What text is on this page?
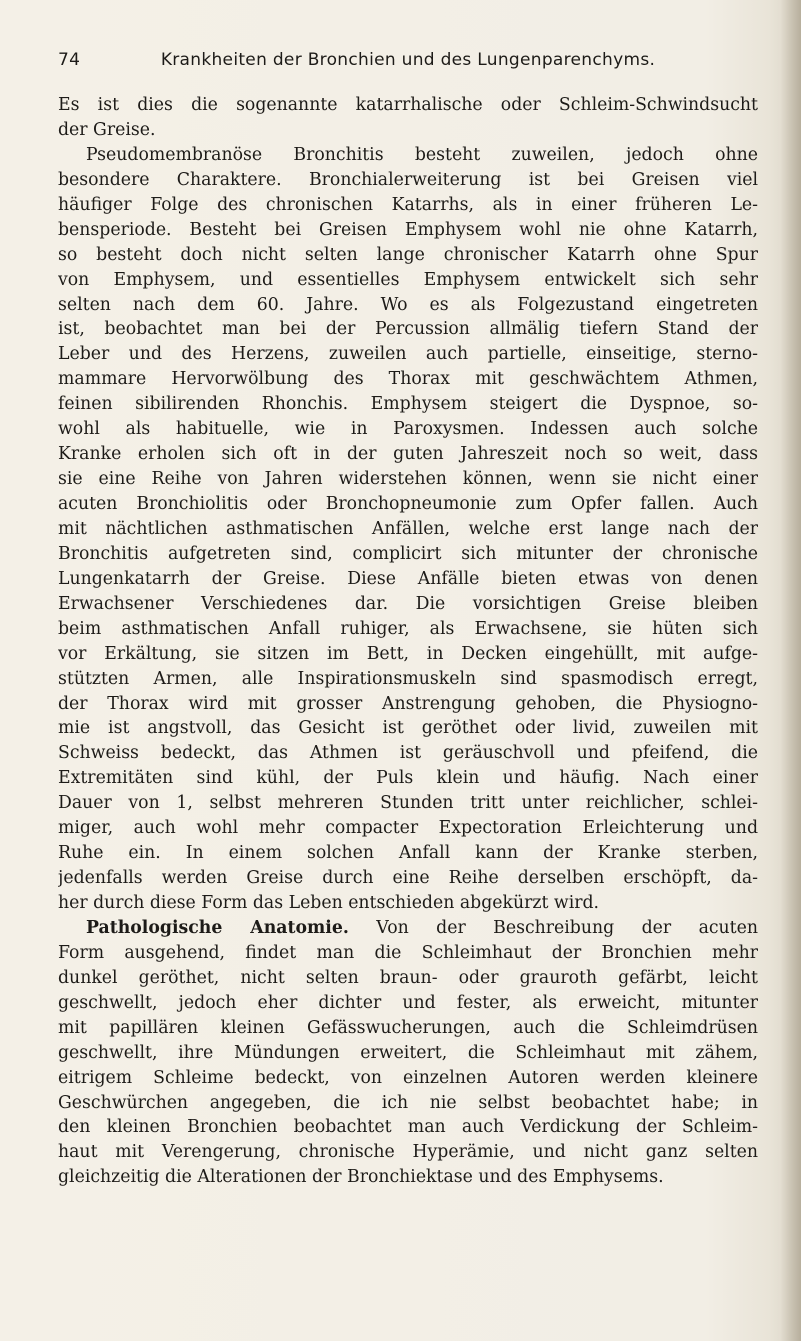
74	Krankheiten der Bronchien und des Lungenparenchyms.
Es ist dies die sogenannte katarrhalische oder Schleim-Schwindsucht
der Greise.
Pseudomembranöse Bronchitis besteht zuweilen, jedoch ohne
besondere Charaktere. Bronchialerweiterung ist bei Greisen viel
häufiger Folge des chronischen Katarrhs, als in einer früheren Le-
bensperiode. Besteht bei Greisen Emphysem wohl nie ohne Katarrh,
so besteht doch nicht selten lange chronischer Katarrh ohne Spur
von Emphysem, und essentielles Emphysem entwickelt sich sehr
selten nach dem 60. Jahre. Wo es als Folgezustand eingetreten
ist, beobachtet man bei der Percussion allmälig tiefern Stand der
Leber und des Herzens, zuweilen auch partielle, einseitige, sterno-
mammare Hervorwölbung des Thorax mit geschwächtem Athmen,
feinen sibilirenden Rhonchis. Emphysem steigert die Dyspnoe, so-
wohl als habituelle, wie in Paroxysmen. Indessen auch solche
Kranke erholen sich oft in der guten Jahreszeit noch so weit, dass
sie eine Reihe von Jahren widerstehen können, wenn sie nicht einer
acuten Bronchiolitis oder Bronchopneumonie zum Opfer fallen. Auch
mit nächtlichen asthmatischen Anfällen, welche erst lange nach der
Bronchitis aufgetreten sind, complicirt sich mitunter der chronische
Lungenkatarrh der Greise. Diese Anfälle bieten etwas von denen
Erwachsener Verschiedenes dar. Die vorsichtigen Greise bleiben
beim asthmatischen Anfall ruhiger, als Erwachsene, sie hüten sich
vor Erkältung, sie sitzen im Bett, in Decken eingehüllt, mit aufge-
stützten Armen, alle Inspirationsmuskeln sind spasmodisch erregt,
der Thorax wird mit grosser Anstrengung gehoben, die Physiogno-
mie ist angstvoll, das Gesicht ist geröthet oder livid, zuweilen mit
Schweiss bedeckt, das Athmen ist geräuschvoll und pfeifend, die
Extremitäten sind kühl, der Puls klein und häufig. Nach einer
Dauer von 1, selbst mehreren Stunden tritt unter reichlicher, schlei-
miger, auch wohl mehr compacter Expectoration Erleichterung und
Ruhe ein. In einem solchen Anfall kann der Kranke sterben,
jedenfalls werden Greise durch eine Reihe derselben erschöpft, da-
her durch diese Form das Leben entschieden abgekürzt wird.
Pathologische Anatomie. Von der Beschreibung der acuten
Form ausgehend, findet man die Schleimhaut der Bronchien mehr
dunkel geröthet, nicht selten braun- oder grauroth gefärbt, leicht
geschwellt, jedoch eher dichter und fester, als erweicht, mitunter
mit papillären kleinen Gefässwucherungen, auch die Schleimdrüsen
geschwellt, ihre Mündungen erweitert, die Schleimhaut mit zähem,
eitrigem Schleime bedeckt, von einzelnen Autoren werden kleinere
Geschwürchen angegeben, die ich nie selbst beobachtet habe; in
den kleinen Bronchien beobachtet man auch Verdickung der Schleim-
haut mit Verengerung, chronische Hyperämie, und nicht ganz selten
gleichzeitig die Alterationen der Bronchiektase und des Emphysems.
